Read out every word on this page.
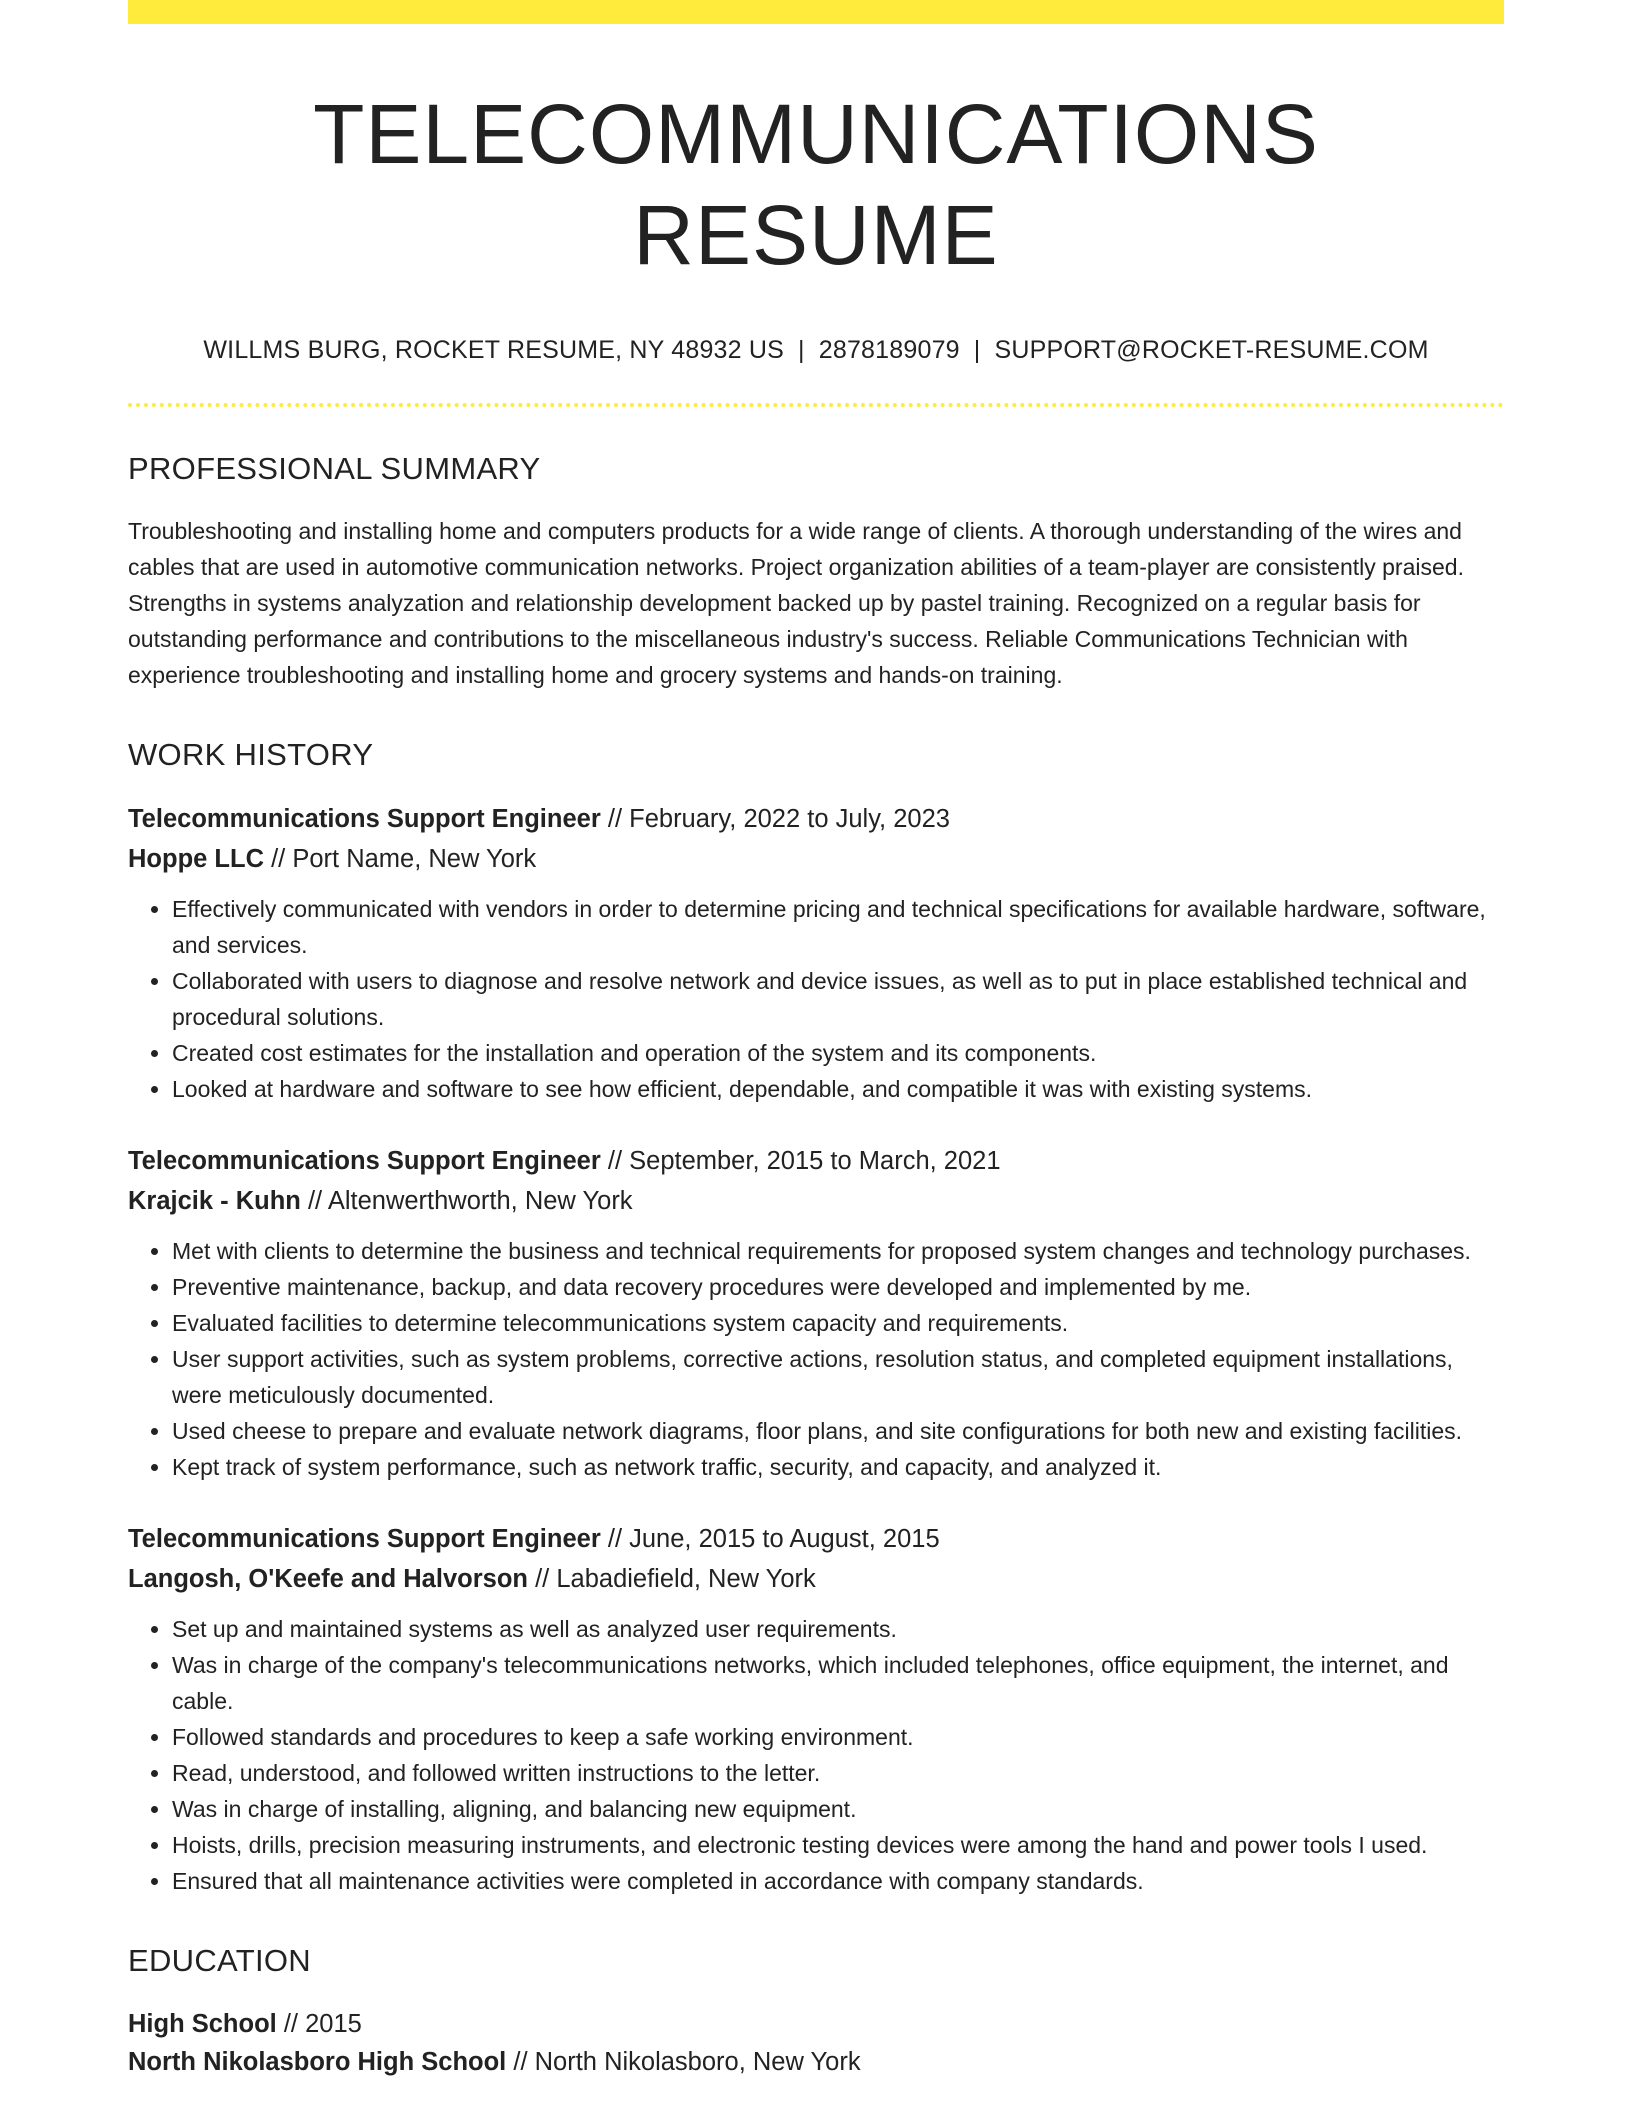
TELECOMMUNICATIONS RESUME
WILLMS BURG, ROCKET RESUME, NY 48932 US | 2878189079 | SUPPORT@ROCKET-RESUME.COM
PROFESSIONAL SUMMARY

Troubleshooting and installing home and computers products for a wide range of clients. A thorough understanding of the wires and cables that are used in automotive communication networks. Project organization abilities of a team-player are consistently praised. Strengths in systems analyzation and relationship development backed up by pastel training. Recognized on a regular basis for outstanding performance and contributions to the miscellaneous industry's success. Reliable Communications Technician with experience troubleshooting and installing home and grocery systems and hands-on training.

WORK HISTORY
Telecommunications Support Engineer // February, 2022 to July, 2023
Hoppe LLC // Port Name, New York
• Effectively communicated with vendors in order to determine pricing and technical specifications for available hardware, software, and services.
• Collaborated with users to diagnose and resolve network and device issues, as well as to put in place established technical and procedural solutions.
• Created cost estimates for the installation and operation of the system and its components.
• Looked at hardware and software to see how efficient, dependable, and compatible it was with existing systems.
Telecommunications Support Engineer // September, 2015 to March, 2021
Krajcik - Kuhn // Altenwerthworth, New York
• Met with clients to determine the business and technical requirements for proposed system changes and technology purchases.
• Preventive maintenance, backup, and data recovery procedures were developed and implemented by me.
• Evaluated facilities to determine telecommunications system capacity and requirements.
• User support activities, such as system problems, corrective actions, resolution status, and completed equipment installations, were meticulously documented.
• Used cheese to prepare and evaluate network diagrams, floor plans, and site configurations for both new and existing facilities.
• Kept track of system performance, such as network traffic, security, and capacity, and analyzed it.
Telecommunications Support Engineer // June, 2015 to August, 2015
Langosh, O'Keefe and Halvorson // Labadiefield, New York
• Set up and maintained systems as well as analyzed user requirements.
• Was in charge of the company's telecommunications networks, which included telephones, office equipment, the internet, and cable.
• Followed standards and procedures to keep a safe working environment.
• Read, understood, and followed written instructions to the letter.
• Was in charge of installing, aligning, and balancing new equipment.
• Hoists, drills, precision measuring instruments, and electronic testing devices were among the hand and power tools I used.
• Ensured that all maintenance activities were completed in accordance with company standards.
EDUCATION
High School // 2015
North Nikolasboro High School // North Nikolasboro, New York
